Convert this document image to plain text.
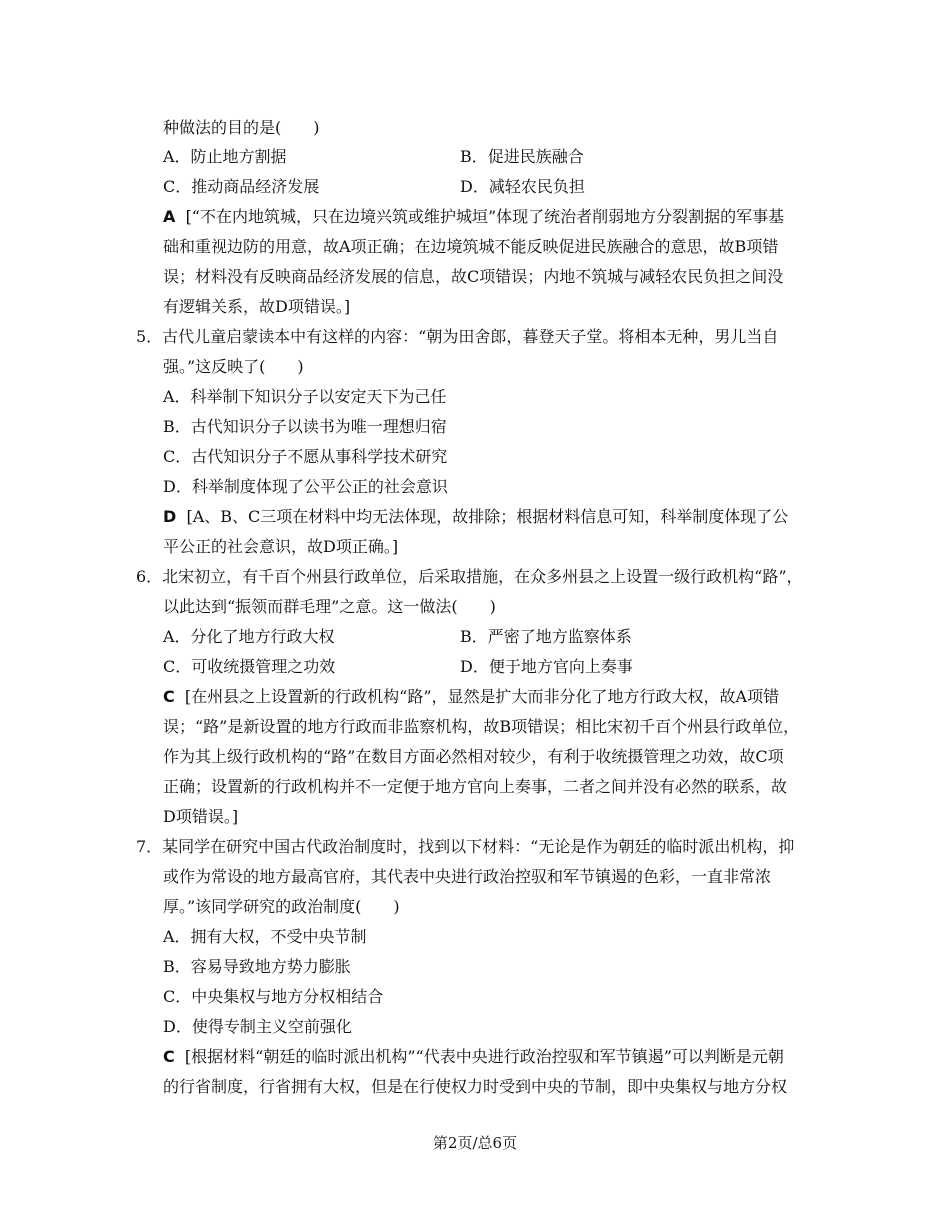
种做法的目的是(　　)
A．防止地方割据	B．促进民族融合
C．推动商品经济发展	D．减轻农民负担
A [“不在内地筑城，只在边境兴筑或维护城垣”体现了统治者削弱地方分裂割据的军事基
础和重视边防的用意，故A项正确；在边境筑城不能反映促进民族融合的意思，故B项错
误；材料没有反映商品经济发展的信息，故C项错误；内地不筑城与减轻农民负担之间没
有逻辑关系，故D项错误。]
5．古代儿童启蒙读本中有这样的内容：“朝为田舍郎，暮登天子堂。将相本无种，男儿当自
强。”这反映了(　　)
A．科举制下知识分子以安定天下为己任
B．古代知识分子以读书为唯一理想归宿
C．古代知识分子不愿从事科学技术研究
D．科举制度体现了公平公正的社会意识
D [A、B、C三项在材料中均无法体现，故排除；根据材料信息可知，科举制度体现了公
平公正的社会意识，故D项正确。]
6．北宋初立，有千百个州县行政单位，后采取措施，在众多州县之上设置一级行政机构“路”，
以此达到“振领而群毛理”之意。这一做法(　　)
A．分化了地方行政大权	B．严密了地方监察体系
C．可收统摄管理之功效	D．便于地方官向上奏事
C [在州县之上设置新的行政机构“路”，显然是扩大而非分化了地方行政大权，故A项错
误；“路”是新设置的地方行政而非监察机构，故B项错误；相比宋初千百个州县行政单位，
作为其上级行政机构的“路”在数目方面必然相对较少，有利于收统摄管理之功效，故C项
正确；设置新的行政机构并不一定便于地方官向上奏事，二者之间并没有必然的联系，故
D项错误。]
7．某同学在研究中国古代政治制度时，找到以下材料：“无论是作为朝廷的临时派出机构，抑
或作为常设的地方最高官府，其代表中央进行政治控驭和军节镇遏的色彩，一直非常浓
厚。”该同学研究的政治制度(　　)
A．拥有大权，不受中央节制
B．容易导致地方势力膨胀
C．中央集权与地方分权相结合
D．使得专制主义空前强化
C [根据材料“朝廷的临时派出机构”“代表中央进行政治控驭和军节镇遏”可以判断是元朝
的行省制度，行省拥有大权，但是在行使权力时受到中央的节制，即中央集权与地方分权
第2页/总6页
